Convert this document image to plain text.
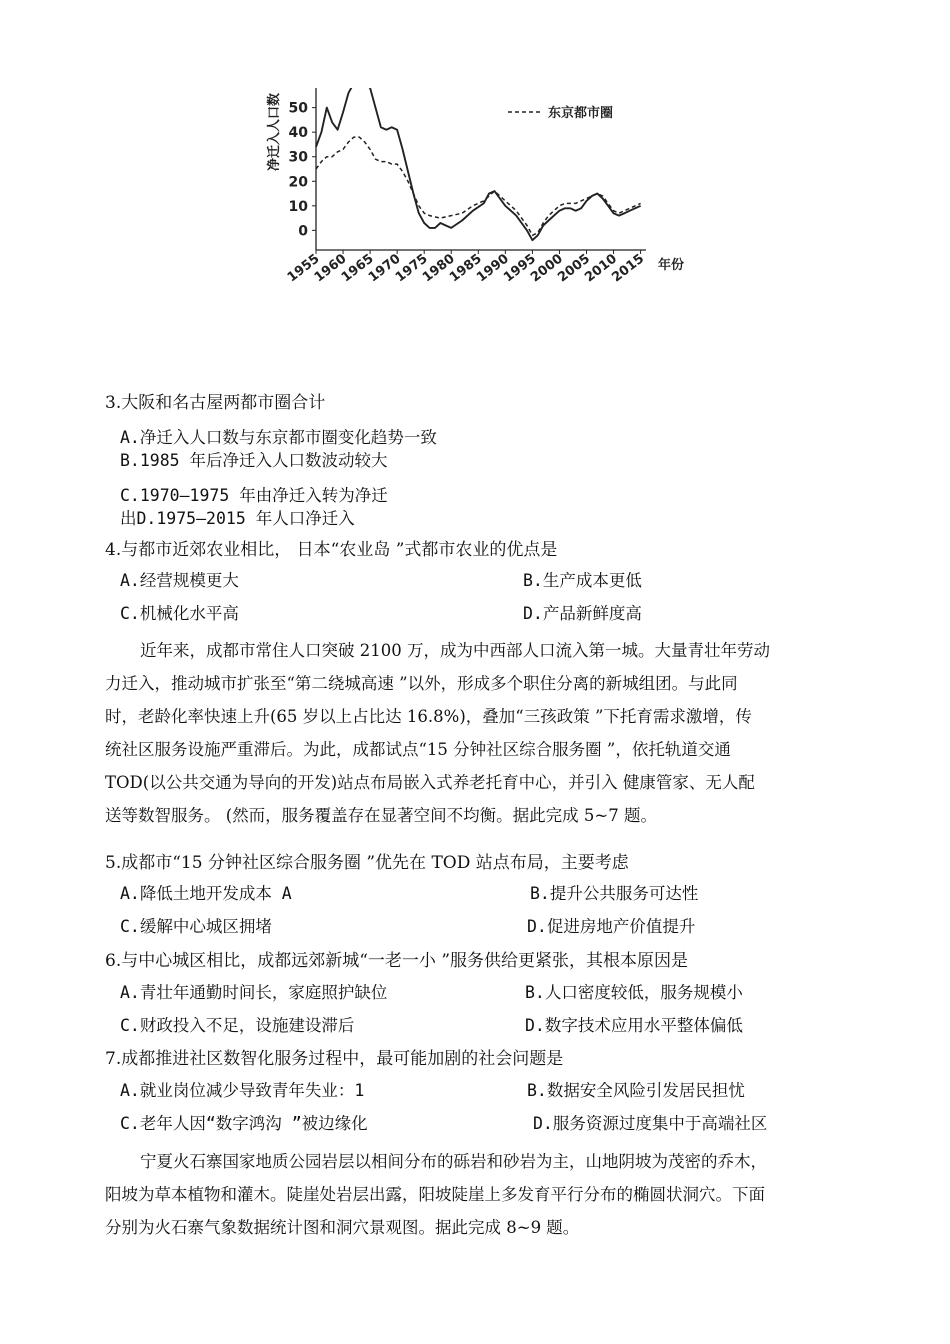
0
10
20
30
40
50
1955
1960
1965
1970
1975
1980
1985
1990
1995
2000
2005
2010
2015
东京都市圈
净迁入人口数
年份
3.大阪和名古屋两都市圈合计
A.净迁入人口数与东京都市圈变化趋势一致
B.1985 年后净迁入人口数波动较大
C.1970—1975 年由净迁入转为净迁
出D.1975—2015 年人口净迁入
4.与都市近郊农业相比， 日本“农业岛 ”式都市农业的优点是
A.经营规模更大	B.生产成本更低
C.机械化水平高	D.产品新鲜度高
近年来，成都市常住人口突破 2100 万，成为中西部人口流入第一城。大量青壮年劳动
力迁入，推动城市扩张至“第二绕城高速 ”以外，形成多个职住分离的新城组团。与此同
时，老龄化率快速上升(65 岁以上占比达 16.8%)，叠加“三孩政策 ”下托育需求激增，传
统社区服务设施严重滞后。为此，成都试点“15 分钟社区综合服务圈 ”，依托轨道交通
TOD(以公共交通为导向的开发)站点布局嵌入式养老托育中心，并引入 健康管家、无人配
送等数智服务。 (然而，服务覆盖存在显著空间不均衡。据此完成 5~7 题。
5.成都市“15 分钟社区综合服务圈 ”优先在 TOD 站点布局，主要考虑
A.降低土地开发成本 A	B.提升公共服务可达性
C.缓解中心城区拥堵	D.促进房地产价值提升
6.与中心城区相比，成都远郊新城“一老一小 ”服务供给更紧张，其根本原因是
A.青壮年通勤时间长，家庭照护缺位	B.人口密度较低，服务规模小
C.财政投入不足，设施建设滞后	D.数字技术应用水平整体偏低
7.成都推进社区数智化服务过程中，最可能加剧的社会问题是
A.就业岗位减少导致青年失业：1	B.数据安全风险引发居民担忧
C.老年人因“数字鸿沟 ”被边缘化	D.服务资源过度集中于高端社区
宁夏火石寨国家地质公园岩层以相间分布的砾岩和砂岩为主，山地阴坡为茂密的乔木，
阳坡为草本植物和灌木。陡崖处岩层出露，阳坡陡崖上多发育平行分布的椭圆状洞穴。下面
分别为火石寨气象数据统计图和洞穴景观图。据此完成 8~9 题。
